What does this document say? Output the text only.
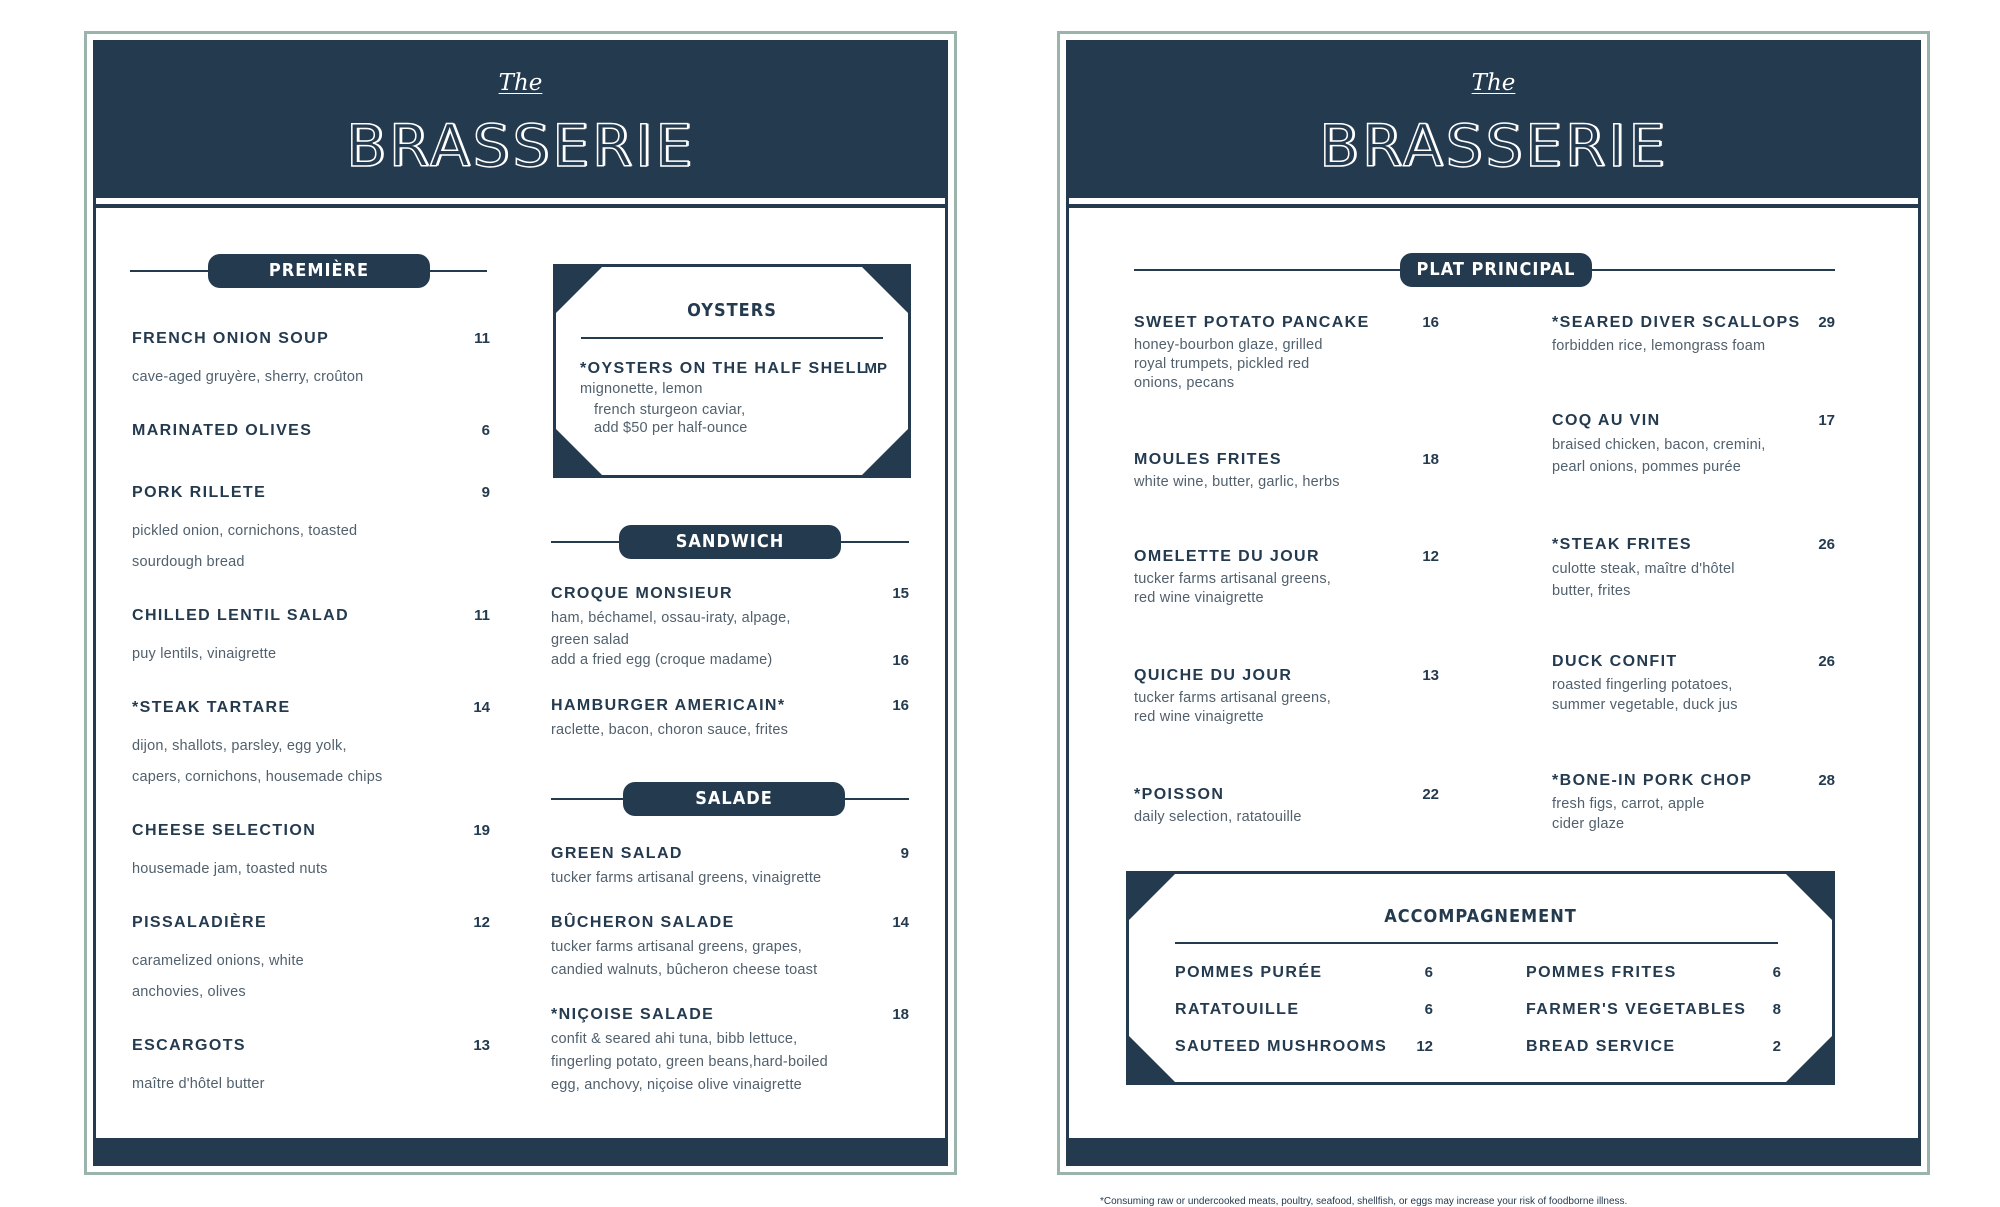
The
BRASSERIE
The
BRASSERIE
PREMIÈRE
FRENCH ONION SOUP	11
cave-aged gruyère, sherry, croûton
MARINATED OLIVES	6
PORK RILLETE	9
pickled onion, cornichons, toasted
sourdough bread
CHILLED LENTIL SALAD	11
puy lentils, vinaigrette
*STEAK TARTARE	14
dijon, shallots, parsley, egg yolk,
capers, cornichons, housemade chips
CHEESE SELECTION	19
housemade jam, toasted nuts
PISSALADIÈRE	12
caramelized onions, white
anchovies, olives
ESCARGOTS	13
maître d'hôtel butter
OYSTERS
*OYSTERS ON THE HALF SHELL
MP
mignonette, lemon
french sturgeon caviar,
add $50 per half-ounce
SANDWICH
CROQUE MONSIEUR	15
ham, béchamel, ossau-iraty, alpage,
green salad
add a fried egg (croque madame)	16
HAMBURGER AMERICAIN*	16
raclette, bacon, choron sauce, frites
SALADE
GREEN SALAD	9
tucker farms artisanal greens, vinaigrette
BÛCHERON SALADE	14
tucker farms artisanal greens, grapes,
candied walnuts, bûcheron cheese toast
*NIÇOISE SALADE	18
confit & seared ahi tuna, bibb lettuce,
fingerling potato, green beans,hard-boiled
egg, anchovy, niçoise olive vinaigrette
PLAT PRINCIPAL
SWEET POTATO PANCAKE	16
honey-bourbon glaze, grilled
royal trumpets, pickled red
onions, pecans
MOULES FRITES	18
white wine, butter, garlic, herbs
OMELETTE DU JOUR	12
tucker farms artisanal greens,
red wine vinaigrette
QUICHE DU JOUR	13
tucker farms artisanal greens,
red wine vinaigrette
*POISSON	22
daily selection, ratatouille
*SEARED DIVER SCALLOPS 29
forbidden rice, lemongrass foam
COQ AU VIN	17
braised chicken, bacon, cremini,
pearl onions, pommes purée
*STEAK FRITES	26
culotte steak, maître d'hôtel
butter, frites
DUCK CONFIT	26
roasted fingerling potatoes,
summer vegetable, duck jus
*BONE-IN PORK CHOP	28
fresh figs, carrot, apple
cider glaze
ACCOMPAGNEMENT
POMMES PURÉE	6
RATATOUILLE	6
SAUTEED MUSHROOMS 12
POMMES FRITES	6
FARMER'S VEGETABLES 8
BREAD SERVICE	2
*Consuming raw or undercooked meats, poultry, seafood, shellfish, or eggs may increase your risk of foodborne illness.
